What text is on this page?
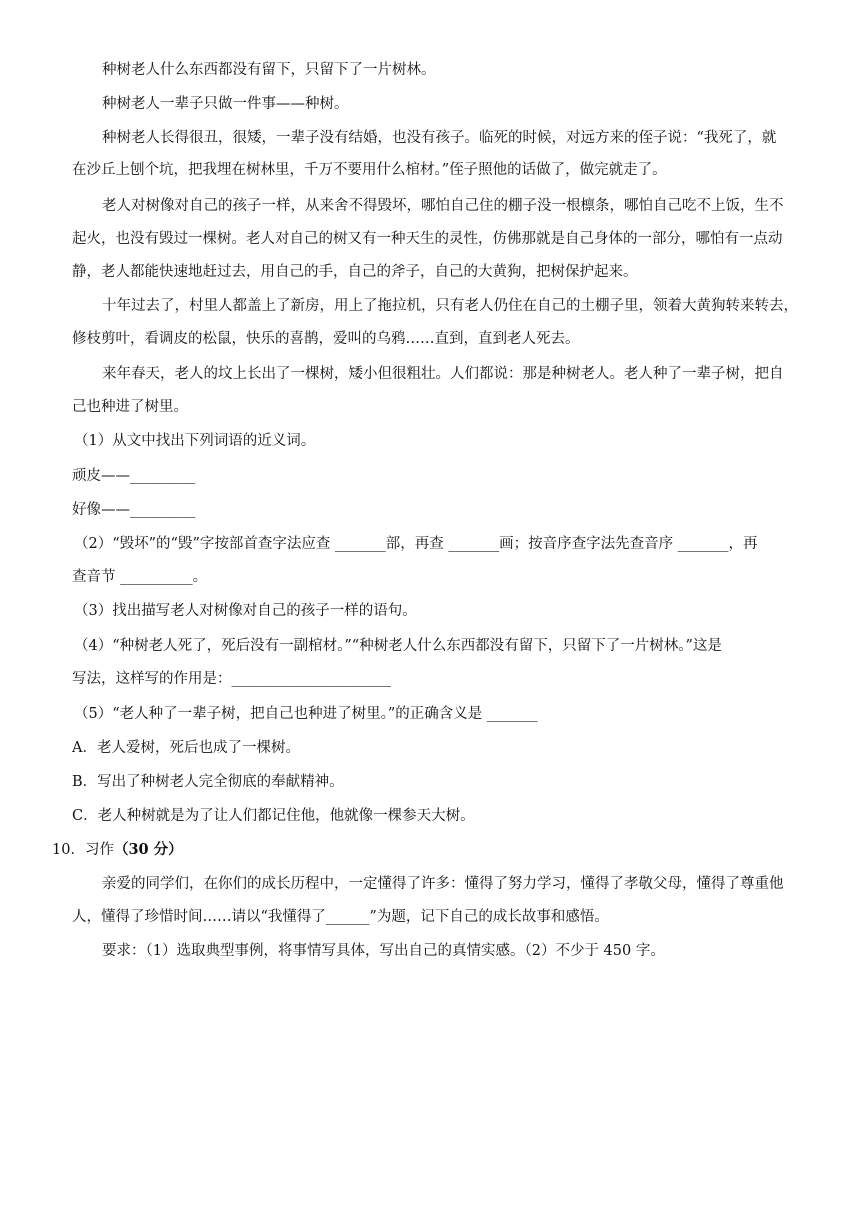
种树老人什么东西都没有留下，只留下了一片树林。
种树老人一辈子只做一件事——种树。
种树老人长得很丑，很矮，一辈子没有结婚，也没有孩子。临死的时候，对远方来的侄子说：“我死了，就
在沙丘上刨个坑，把我埋在树林里，千万不要用什么棺材。”侄子照他的话做了，做完就走了。
老人对树像对自己的孩子一样，从来舍不得毁坏，哪怕自己住的棚子没一根檩条，哪怕自己吃不上饭，生不
起火，也没有毁过一棵树。老人对自己的树又有一种天生的灵性，仿佛那就是自己身体的一部分，哪怕有一点动
静，老人都能快速地赶过去，用自己的手，自己的斧子，自己的大黄狗，把树保护起来。
十年过去了，村里人都盖上了新房，用上了拖拉机，只有老人仍住在自己的土棚子里，领着大黄狗转来转去，
修枝剪叶，看调皮的松鼠，快乐的喜鹊，爱叫的乌鸦……直到，直到老人死去。
来年春天，老人的坟上长出了一棵树，矮小但很粗壮。人们都说：那是种树老人。老人种了一辈子树，把自
己也种进了树里。
（1）从文中找出下列词语的近义词。
顽皮——_________
好像——_________
（2）“毁坏”的“毁”字按部首查字法应查 _______部，再查 _______画；按音序查字法先查音序 _______，再
查音节 __________。
（3）找出描写老人对树像对自己的孩子一样的语句。
（4）“种树老人死了，死后没有一副棺材。”“种树老人什么东西都没有留下，只留下了一片树林。”这是
写法，这样写的作用是：______________________
（5）“老人种了一辈子树，把自己也种进了树里。”的正确含义是 _______
A．老人爱树，死后也成了一棵树。
B．写出了种树老人完全彻底的奉献精神。
C．老人种树就是为了让人们都记住他，他就像一棵参天大树。
10．习作（30 分）
亲爱的同学们，在你们的成长历程中，一定懂得了许多：懂得了努力学习，懂得了孝敬父母，懂得了尊重他
人，懂得了珍惜时间……请以“我懂得了______”为题，记下自己的成长故事和感悟。
要求：（1）选取典型事例，将事情写具体，写出自己的真情实感。（2）不少于 450 字。
